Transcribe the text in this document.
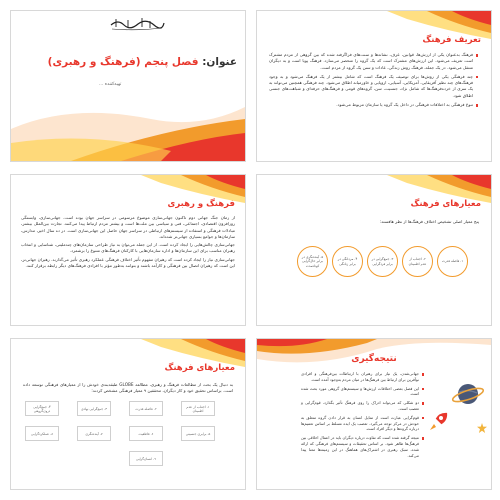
عنوان: فصل پنجم (فرهنگ و رهبری)
تهیه‌کننده ...
تعریف فرهنگ
فرهنگ به‌عنوان یکی از ارزش‌ها، قوانین، عرف، نشانه‌ها و سنت‌های فراگرفته شده که بین گروهی از مردم مشترک است تعریف می‌شود. این ارزش‌های مشترک است که یک گروه را منحصر می‌سازد. فرهنگ پویا است و به دیگران منتقل می‌شود. در یک جمله، فرهنگ روش زندگی، عادات و سنن یک گروه از مردم است.
چند فرهنگی یکی از روش‌ها برای توصیف یک فرهنگ است که شامل بیشتر از یک فرهنگ می‌شود و به وجود فرهنگ‌های چند نظیر آفریقایی، آمریکایی، آسیایی، اروپایی و خاورمیانه اطلاق می‌شود. چند فرهنگی همچنین می‌تواند به یک سری از خرده‌فرهنگ‌ها که شامل نژاد، جنسیت، سن، گروه‌های قومی و فرهنگ‌های حرفه‌ای و شباهت‌های جنسی اطلاق شود.
تنوع فرهنگی به اختلافات فرهنگی در داخل یک گروه یا سازمان مربوط می‌شود.
فرهنگ و رهبری

از زمان جنگ جهانی دوم تاکنون جهانی‌سازی موضوع مرسومی در سراسر جهان بوده است. جهانی‌سازی، وابستگی روزافزون اقتصادی، اجتماعی، فنی و سیاسی بین ملت‌ها است و بیشتر مردم ارتباط پیدا می‌کنند. تجارت بین‌الملل بیشتر، مبادلات فرهنگی و استفاده از سیستم‌های ارتباطی در سراسر جهان حاصل این جهانی‌سازی است. در ده سال اخیر، مدارس، سازمان‌ها و جوامع بسیاری جهانی‌تر شده‌اند.

جهانی‌سازی چالش‌هایی را ایجاد کرده است. از این جمله می‌توان به نیاز طراحی سازمان‌های چندملیتی، شناسایی و انتخاب رهبران مناسب برای این سازمان‌ها و اداره سازمان‌هایی با کارکنان فرهنگ‌های متنوع را برشمرد.

جهانی‌سازی نیاز را ایجاد کرده است که رهبران مفهوم تأثیر اختلاف فرهنگی عملکرد رهبری تأثیر می‌گذارند. رهبران جهانی‌تر، این است که رهبران اتصال بین فرهنگی و کارآمد باشند و بتوانند به‌طور مؤثر با افرادی فرهنگ‌های دیگر رابطه برقرار کنند.

معیارهای فرهنگ
پنج معیار اصلی تشخیص اختلاف فرهنگ‌ها از نظر هافستد:
۱. فاصله قدرت
۲. اجتناب از عدم اطمینان
۳. جمع‌گرایی در برابر فردگرایی
۴. مردانگی در برابر زنانگی
۵. آینده‌نگری در برابر حال‌گرایی کوتاه‌مدت
معیارهای فرهنگ
به دنبال یک بحث از مطالعات فرهنگ و رهبری، مطالعه GLOBE طبقه‌بندی خودش را از معیارهای فرهنگی توسعه داده است. براساس تحقیق خود و کار دیگران، محققین ۹ معیار فرهنگی مشخص کردند:
۱. اجتناب از عدم اطمینان
۲. فاصله قدرت
۳. جمع‌گرایی نهادی
۴. جمع‌گرایی درون‌گروهی
۵. برابری جنسیتی
۶. قاطعیت
۷. آینده‌نگری
۸. عملکردگرایی
۹. انسان‌گرایی
نتیجه‌گیری
جهانی‌شدن، یک نیاز برای رهبران با ارتباطات بین‌فرهنگی و افرادی نوآفرین برای ارتباط بین فرهنگ‌ها در میان مردم به‌وجود آمده است.
این فصل بعضی اختلافات ارزش‌ها و سیستم‌های گروهی مورد بحث شده است.
دو شکلی که می‌تواند ادراک را روی فرهنگ تأثیر بگذارد، قوم‌گرایی و تعصب است.
قوم‌گرایی عبارت است از تمایل انسان به قرار دادن گروه متعلق به خودش در مرکز توجه می‌گیرد. تعصب یک ایده مسلط بر اساس تعمیم‌ها درباره گروه‌ها و دیگر افراد است.
نتیجه گرفته شده است که تفاوت درباره دیگران باید در اعمال اخلاقی بین فرهنگ‌ها ظاهر شود. بر اساس تحقیقات و سیستم‌های فرهنگی که ارائه شده، سبک رهبری در اشتراک‌های هماهنگ در این زمینه‌ها معنا پیدا می‌کند.
